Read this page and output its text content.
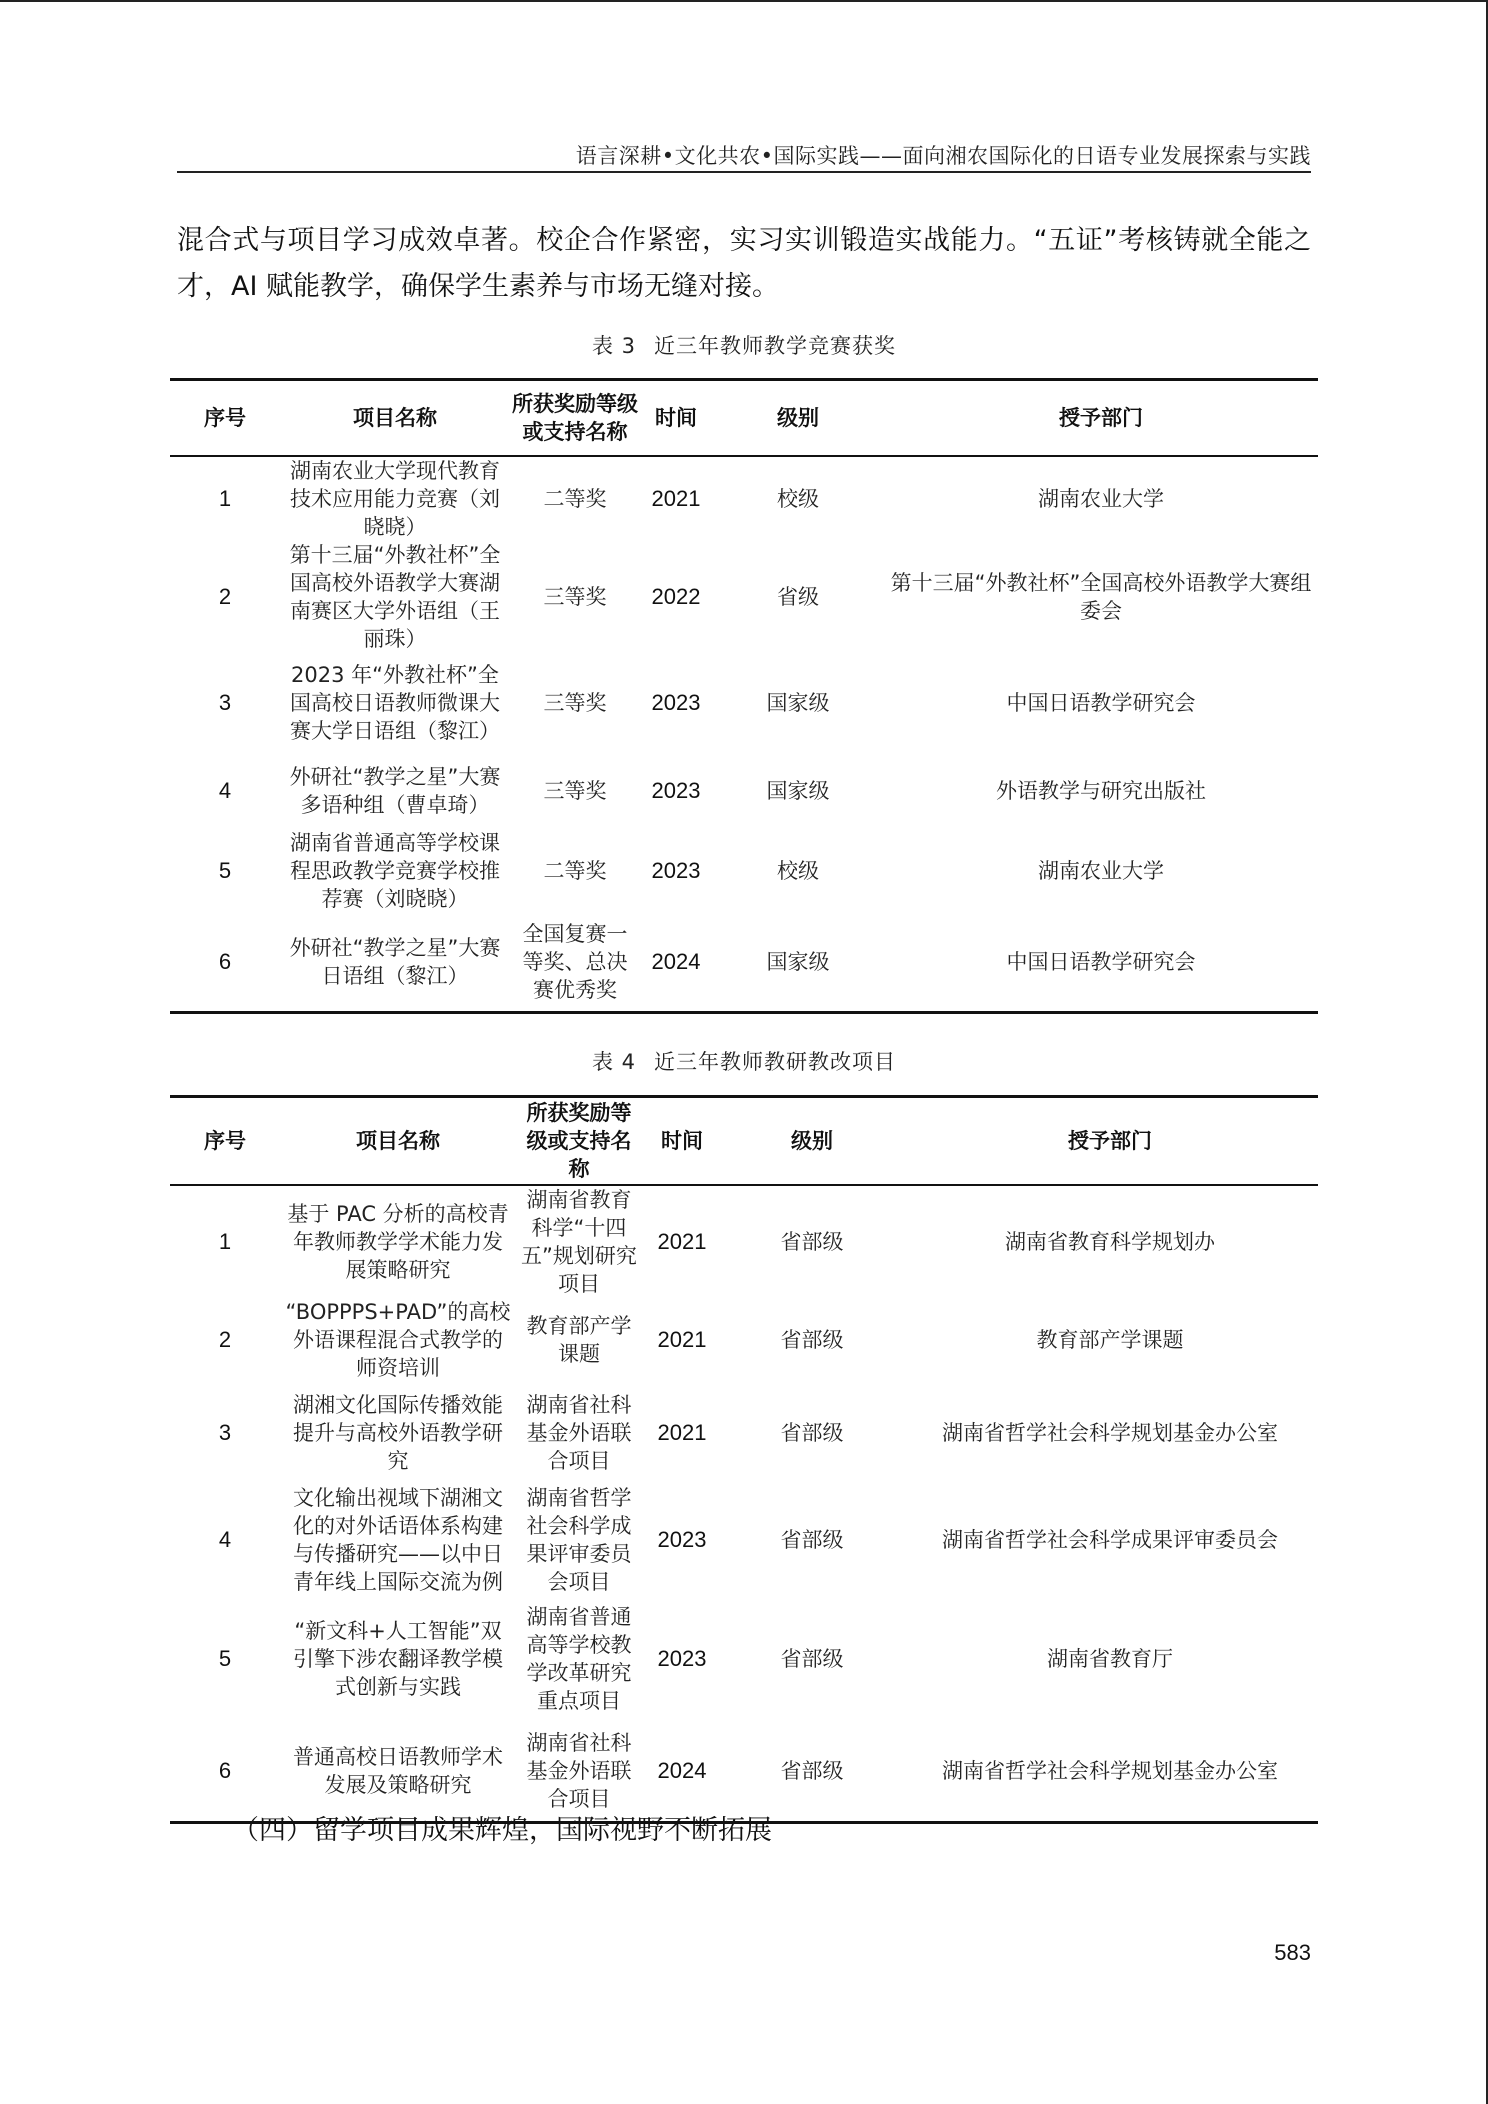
语言深耕•文化共农•国际实践——面向湘农国际化的日语专业发展探索与实践
混合式与项目学习成效卓著。校企合作紧密，实习实训锻造实战能力。“五证”考核铸就全能之才，AI 赋能教学，确保学生素养与市场无缝对接。
表 3 近三年教师教学竞赛获奖
序号	项目名称	所获奖励等级或支持名称	时间	级别	授予部门
1	湖南农业大学现代教育技术应用能力竞赛（刘晓晓）	二等奖	2021	校级	湖南农业大学
2	第十三届“外教社杯”全国高校外语教学大赛湖南赛区大学外语组（王丽珠）	三等奖	2022	省级	第十三届“外教社杯”全国高校外语教学大赛组委会
3	2023 年“外教社杯”全国高校日语教师微课大赛大学日语组（黎江）	三等奖	2023	国家级	中国日语教学研究会
4	外研社“教学之星”大赛多语种组（曹卓琦）	三等奖	2023	国家级	外语教学与研究出版社
5	湖南省普通高等学校课程思政教学竞赛学校推荐赛（刘晓晓）	二等奖	2023	校级	湖南农业大学
6	外研社“教学之星”大赛日语组（黎江）	全国复赛一等奖、总决赛优秀奖	2024	国家级	中国日语教学研究会
表 4 近三年教师教研教改项目
序号	项目名称	所获奖励等级或支持名称	时间	级别	授予部门
1	基于 PAC 分析的高校青年教师教学学术能力发展策略研究	湖南省教育科学“十四五”规划研究项目	2021	省部级	湖南省教育科学规划办
2	“BOPPPS+PAD”的高校外语课程混合式教学的师资培训	教育部产学课题	2021	省部级	教育部产学课题
3	湖湘文化国际传播效能提升与高校外语教学研究	湖南省社科基金外语联合项目	2021	省部级	湖南省哲学社会科学规划基金办公室
4	文化输出视域下湖湘文化的对外话语体系构建与传播研究——以中日青年线上国际交流为例	湖南省哲学社会科学成果评审委员会项目	2023	省部级	湖南省哲学社会科学成果评审委员会
5	“新文科+人工智能”双引擎下涉农翻译教学模式创新与实践	湖南省普通高等学校教学改革研究重点项目	2023	省部级	湖南省教育厅
6	普通高校日语教师学术发展及策略研究	湖南省社科基金外语联合项目	2024	省部级	湖南省哲学社会科学规划基金办公室
（四）留学项目成果辉煌，国际视野不断拓展
583
